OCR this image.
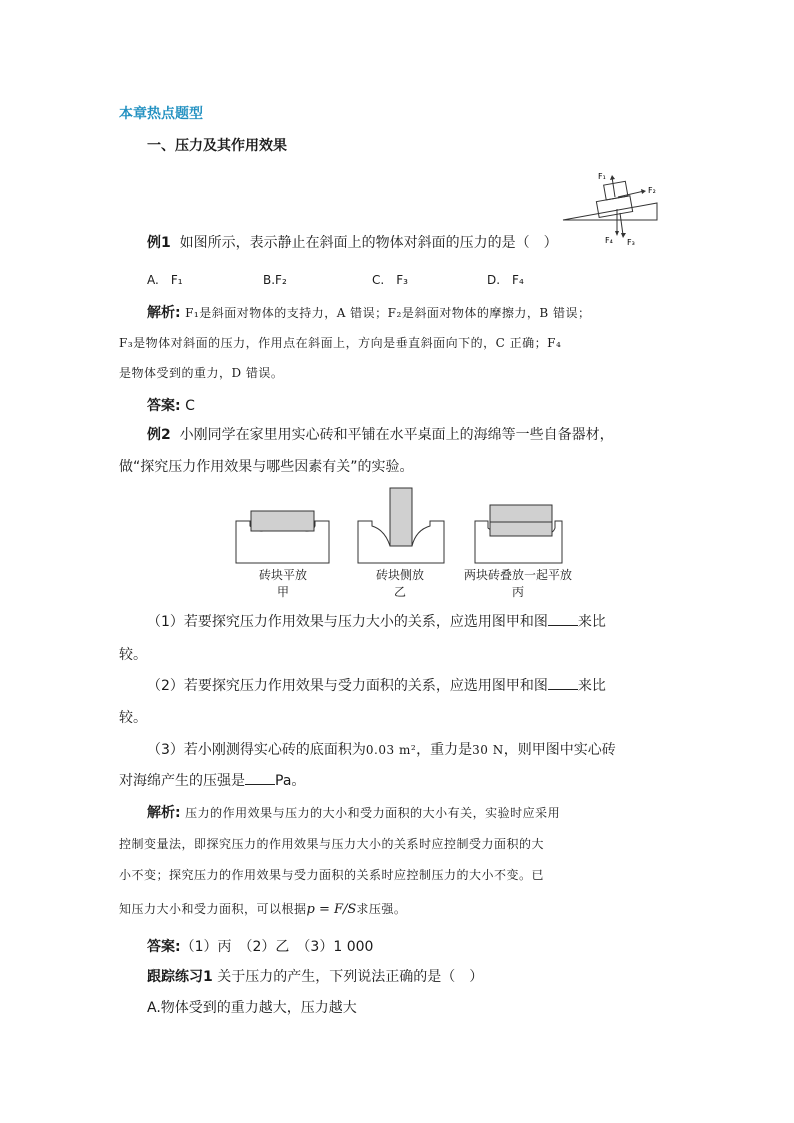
本章热点题型
一、压力及其作用效果
F₁
F₂
F₃
F₄
例1 如图所示，表示静止在斜面上的物体对斜面的压力的是（　）
A.　F₁	B.F₂	C.　F₃	D.　F₄
解析: F₁是斜面对物体的支持力，A 错误；F₂是斜面对物体的摩擦力，B 错误；
F₃是物体对斜面的压力，作用点在斜面上，方向是垂直斜面向下的，C 正确；F₄
是物体受到的重力，D 错误。
答案: C
例2 小刚同学在家里用实心砖和平铺在水平桌面上的海绵等一些自备器材，
做“探究压力作用效果与哪些因素有关”的实验。
砖块平放
甲
砖块侧放
乙
两块砖叠放一起平放
丙
（1）若要探究压力作用效果与压力大小的关系，应选用图甲和图 来比
较。
（2）若要探究压力作用效果与受力面积的关系，应选用图甲和图 来比
较。
（3）若小刚测得实心砖的底面积为0.03 m²，重力是30 N，则甲图中实心砖
对海绵产生的压强是 Pa。
解析: 压力的作用效果与压力的大小和受力面积的大小有关，实验时应采用
控制变量法，即探究压力的作用效果与压力大小的关系时应控制受力面积的大
小不变；探究压力的作用效果与受力面积的关系时应控制压力的大小不变。已
知压力大小和受力面积，可以根据p = F/S求压强。
答案:（1）丙　（2）乙　（3）1 000
跟踪练习1 关于压力的产生，下列说法正确的是（　）
A.物体受到的重力越大，压力越大
